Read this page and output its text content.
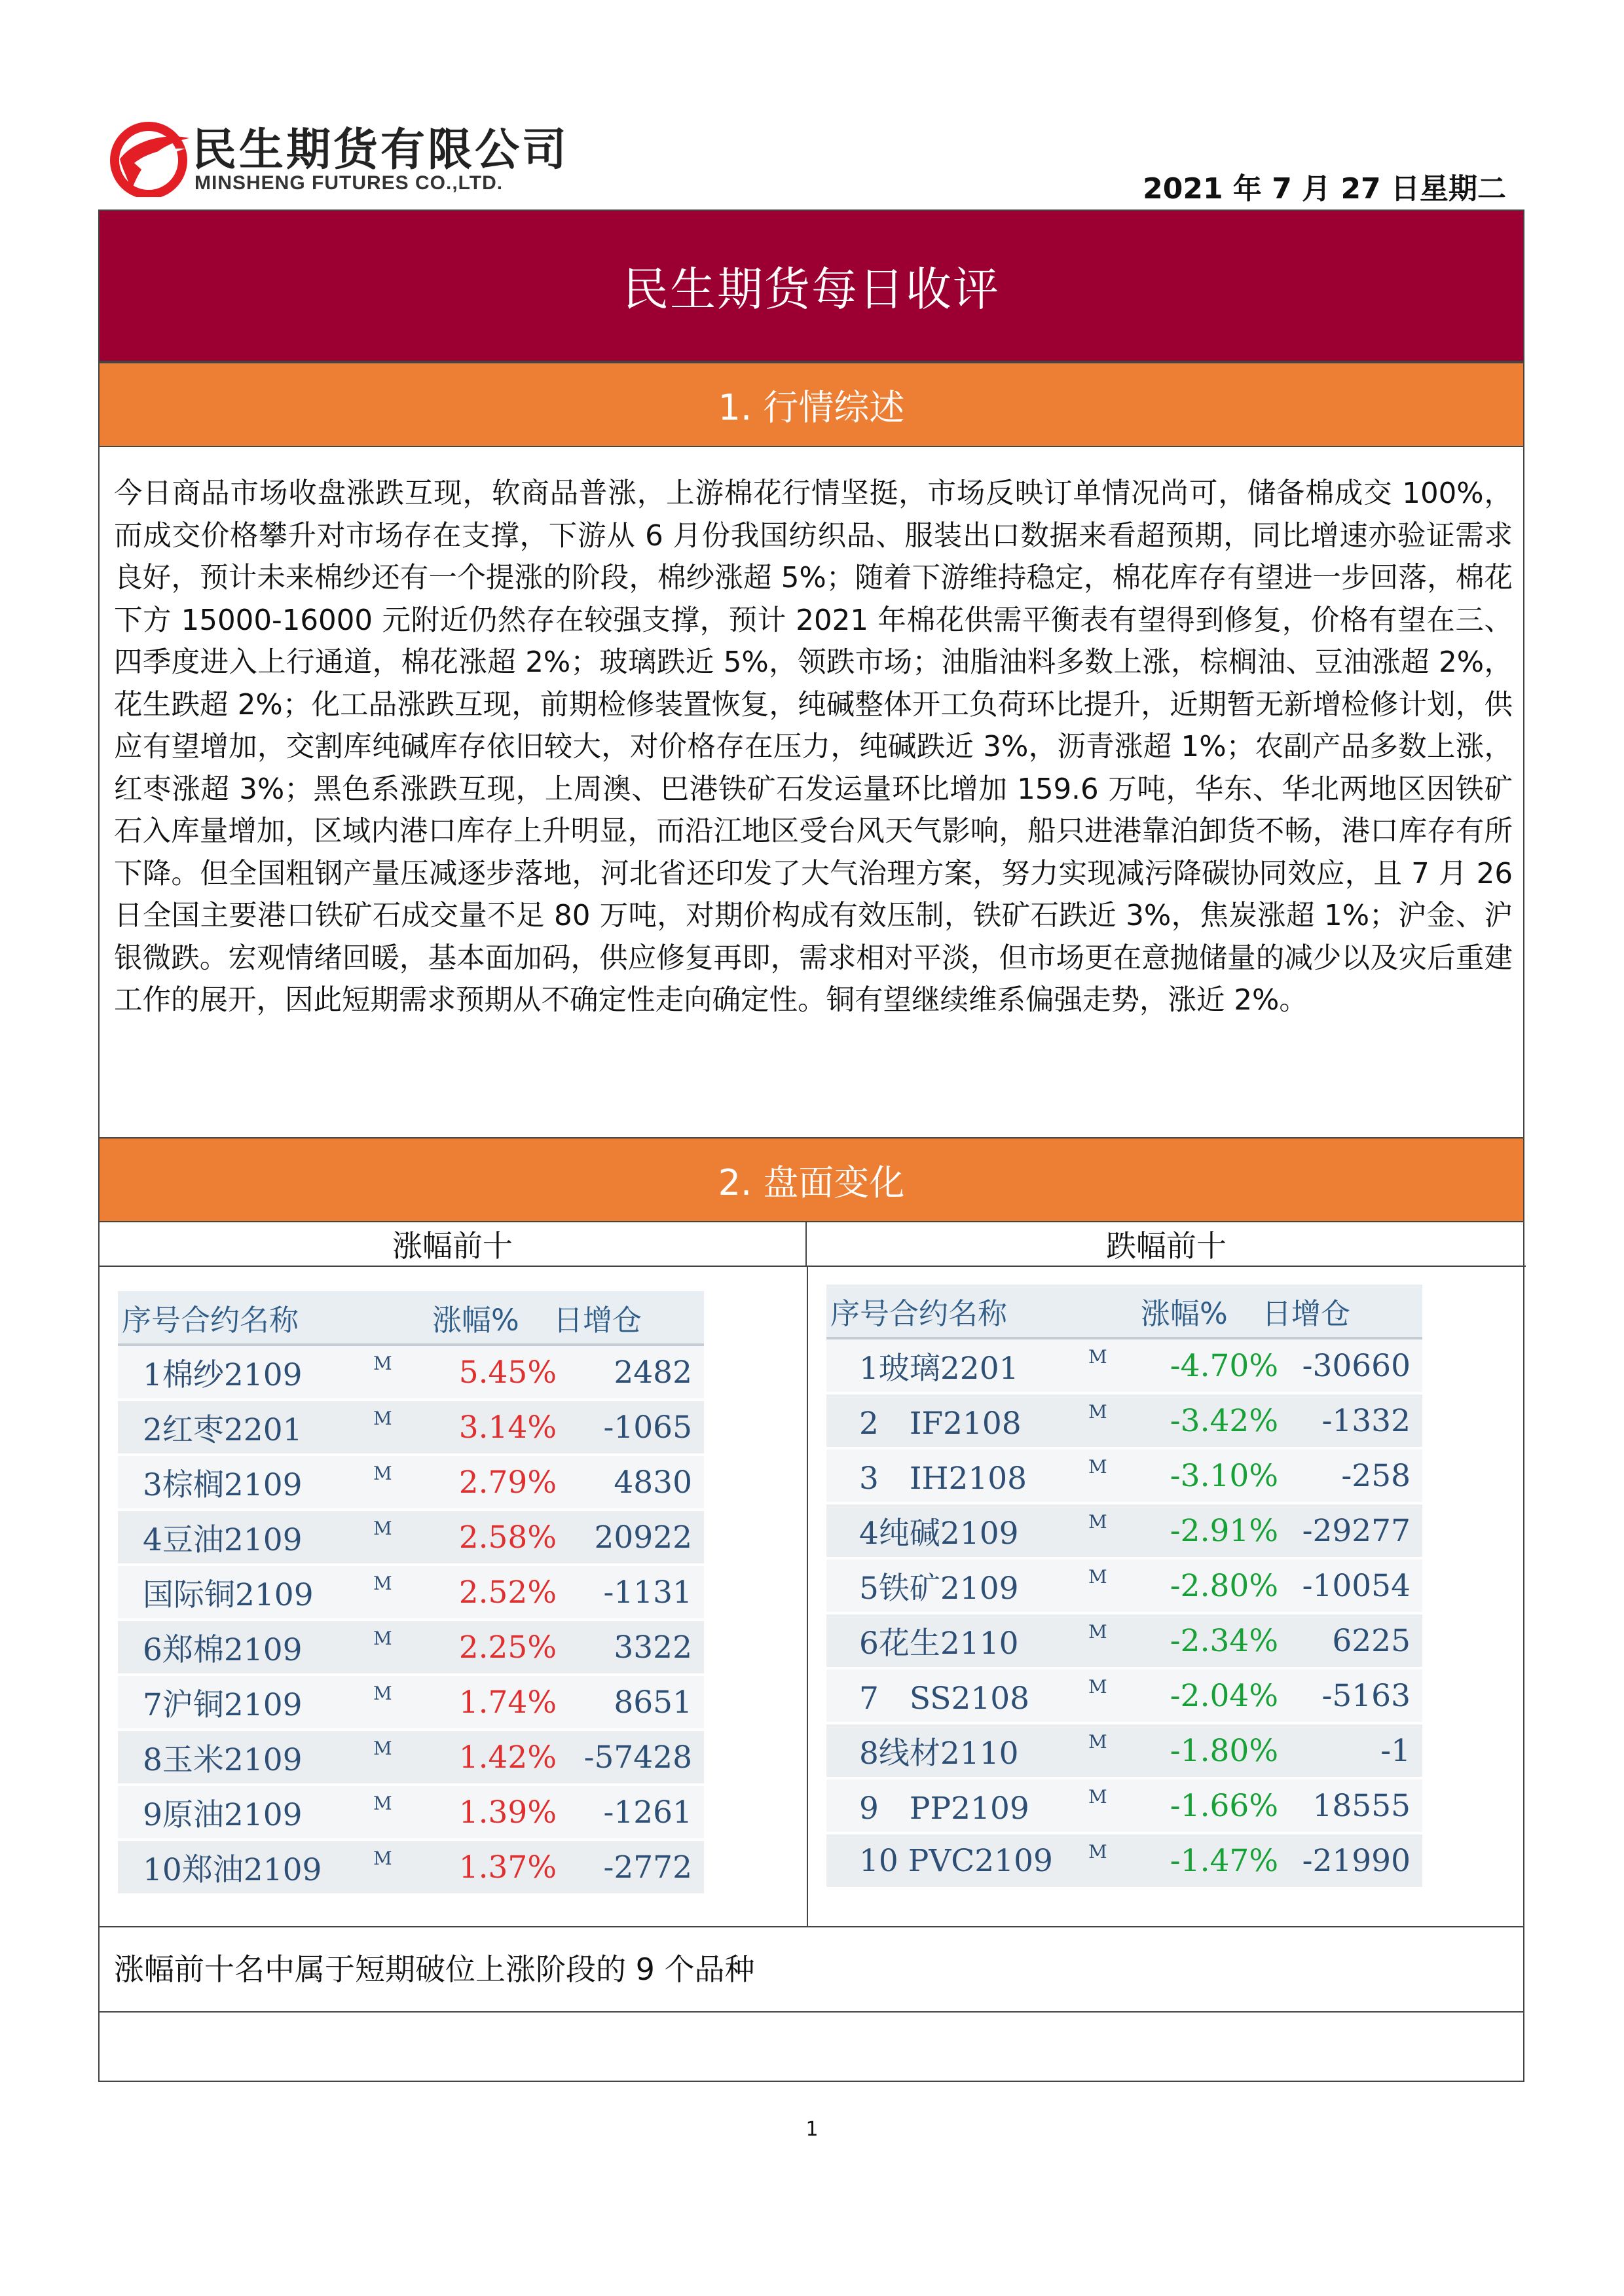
民生期货有限公司
MINSHENG FUTURES CO.,LTD.	2021 年 7 月 27 日星期二
民生期货每日收评
1. 行情综述
今日商品市场收盘涨跌互现，软商品普涨，上游棉花行情坚挺，市场反映订单情况尚可，储备棉成交 100%，而成交价格攀升对市场存在支撑，下游从 6 月份我国纺织品、服装出口数据来看超预期，同比增速亦验证需求良好，预计未来棉纱还有一个提涨的阶段，棉纱涨超 5%；随着下游维持稳定，棉花库存有望进一步回落，棉花下方 15000-16000 元附近仍然存在较强支撑，预计 2021 年棉花供需平衡表有望得到修复，价格有望在三、四季度进入上行通道，棉花涨超 2%；玻璃跌近 5%，领跌市场；油脂油料多数上涨，棕榈油、豆油涨超 2%，花生跌超 2%；化工品涨跌互现，前期检修装置恢复，纯碱整体开工负荷环比提升，近期暂无新增检修计划，供应有望增加，交割库纯碱库存依旧较大，对价格存在压力，纯碱跌近 3%，沥青涨超 1%；农副产品多数上涨，红枣涨超 3%；黑色系涨跌互现，上周澳、巴港铁矿石发运量环比增加 159.6 万吨，华东、华北两地区因铁矿石入库量增加，区域内港口库存上升明显，而沿江地区受台风天气影响，船只进港靠泊卸货不畅，港口库存有所下降。但全国粗钢产量压减逐步落地，河北省还印发了大气治理方案，努力实现减污降碳协同效应，且 7 月 26 日全国主要港口铁矿石成交量不足 80 万吨，对期价构成有效压制，铁矿石跌近 3%，焦炭涨超 1%；沪金、沪银微跌。宏观情绪回暖，基本面加码，供应修复再即，需求相对平淡，但市场更在意抛储量的减少以及灾后重建工作的展开，因此短期需求预期从不确定性走向确定性。铜有望继续维系偏强走势，涨近 2%。
2. 盘面变化
涨幅前十	跌幅前十
序号合约名称	涨幅%	日增仓
1棉纱2109	M	5.45%	2482
2红枣2201	M	3.14%	-1065
3棕榈2109	M	2.79%	4830
4豆油2109	M	2.58%	20922
国际铜2109	M	2.52%	-1131
6郑棉2109	M	2.25%	3322
7沪铜2109	M	1.74%	8651
8玉米2109	M	1.42% -57428
9原油2109	M	1.39%	-1261
10郑油2109	M	1.37%	-2772
序号合约名称	涨幅%	日增仓
1玻璃2201	M	-4.70% -30660
2　IF2108	M	-3.42%	-1332
3　IH2108	M	-3.10%	-258
4纯碱2109	M	-2.91% -29277
5铁矿2109	M	-2.80% -10054
6花生2110	M	-2.34%	6225
7　SS2108	M	-2.04%	-5163
8线材2110	M	-1.80%	-1
9　PP2109	M	-1.66%	18555
10 PVC2109	M	-1.47% -21990
涨幅前十名中属于短期破位上涨阶段的 9 个品种
1
